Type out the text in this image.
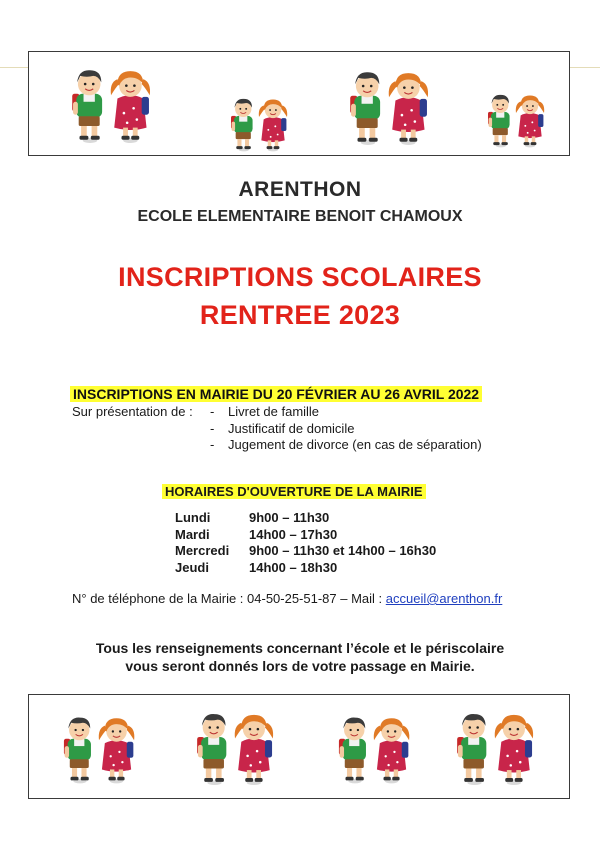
ARENTHON
ECOLE ELEMENTAIRE BENOIT CHAMOUX
INSCRIPTIONS SCOLAIRES
RENTREE 2023
INSCRIPTIONS EN MAIRIE DU 20 FÉVRIER AU 26 AVRIL 2022
Sur présentation de : - Livret de famille
- Justificatif de domicile
- Jugement de divorce (en cas de séparation)
HORAIRES D'OUVERTURE DE LA MAIRIE
Lundi	9h00 – 11h30
Mardi	14h00 – 17h30
Mercredi	9h00 – 11h30 et 14h00 – 16h30
Jeudi	14h00 – 18h30
N° de téléphone de la Mairie : 04-50-25-51-87 – Mail : accueil@arenthon.fr
Tous les renseignements concernant l’école et le périscolaire
vous seront donnés lors de votre passage en Mairie.
